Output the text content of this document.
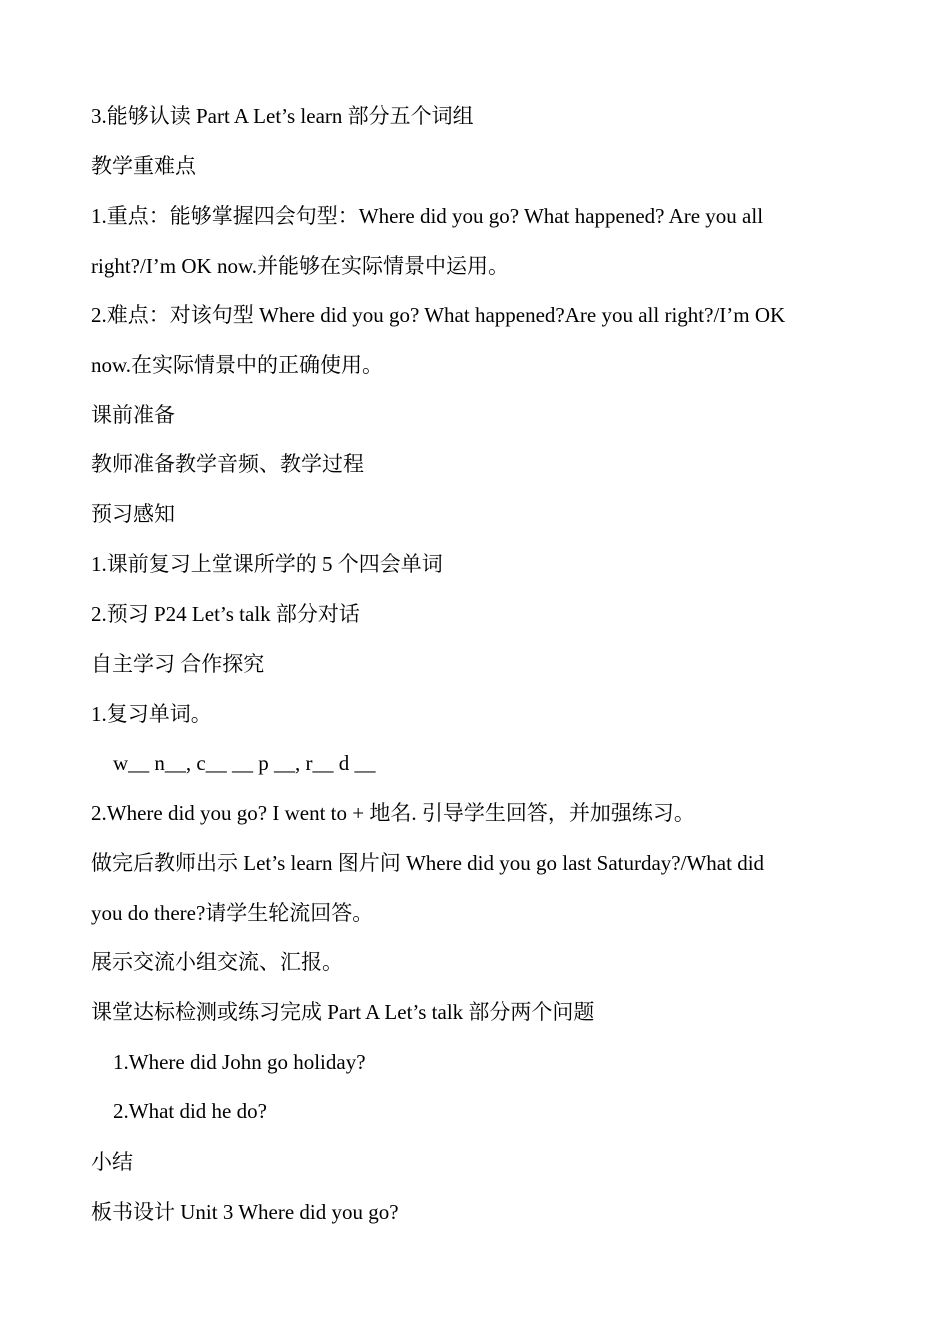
3.能够认读 Part A Let’s learn 部分五个词组
教学重难点
1.重点：能够掌握四会句型：Where did you go? What happened? Are you all
right?/I’m OK now.并能够在实际情景中运用。
2.难点：对该句型 Where did you go? What happened?Are you all right?/I’m OK
now.在实际情景中的正确使用。
课前准备
教师准备教学音频、教学过程
预习感知
1.课前复习上堂课所学的 5 个四会单词
2.预习 P24 Let’s talk 部分对话
自主学习 合作探究
1.复习单词。
w__ n__, c__ __ p __, r__ d __
2.Where did you go? I went to + 地名. 引导学生回答，并加强练习。
做完后教师出示 Let’s learn 图片问 Where did you go last Saturday?/What did
you do there?请学生轮流回答。
展示交流小组交流、汇报。
课堂达标检测或练习完成 Part A Let’s talk 部分两个问题
1.Where did John go holiday?
2.What did he do?
小结
板书设计 Unit 3 Where did you go?
